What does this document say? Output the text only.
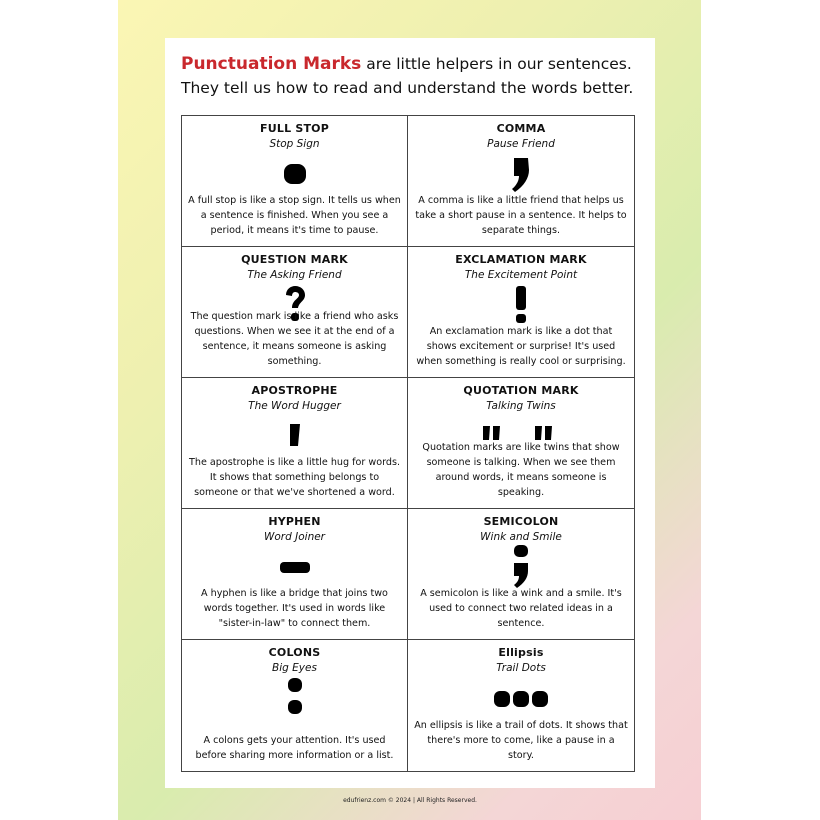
Punctuation Marks are little helpers in our sentences.
They tell us how to read and understand the words better.
FULL STOP
Stop Sign
A full stop is like a stop sign. It tells us when a sentence is finished. When you see a period, it means it's time to pause.
COMMA
Pause Friend
A comma is like a little friend that helps us take a short pause in a sentence. It helps to separate things.
QUESTION MARK
The Asking Friend
The question mark is like a friend who asks questions. When we see it at the end of a sentence, it means someone is asking something.
EXCLAMATION MARK
The Excitement Point
An exclamation mark is like a dot that shows excitement or surprise! It's used when something is really cool or surprising.
APOSTROPHE
The Word Hugger
The apostrophe is like a little hug for words. It shows that something belongs to someone or that we've shortened a word.
QUOTATION MARK
Talking Twins
Quotation marks are like twins that show someone is talking. When we see them around words, it means someone is speaking.
HYPHEN
Word Joiner
A hyphen is like a bridge that joins two words together. It's used in words like "sister-in-law" to connect them.
SEMICOLON
Wink and Smile
A semicolon is like a wink and a smile. It's used to connect two related ideas in a sentence.
COLONS
Big Eyes
A colons gets your attention. It's used before sharing more information or a list.
Ellipsis
Trail Dots
An ellipsis is like a trail of dots. It shows that there's more to come, like a pause in a story.
edufrienz.com © 2024 | All Rights Reserved.
